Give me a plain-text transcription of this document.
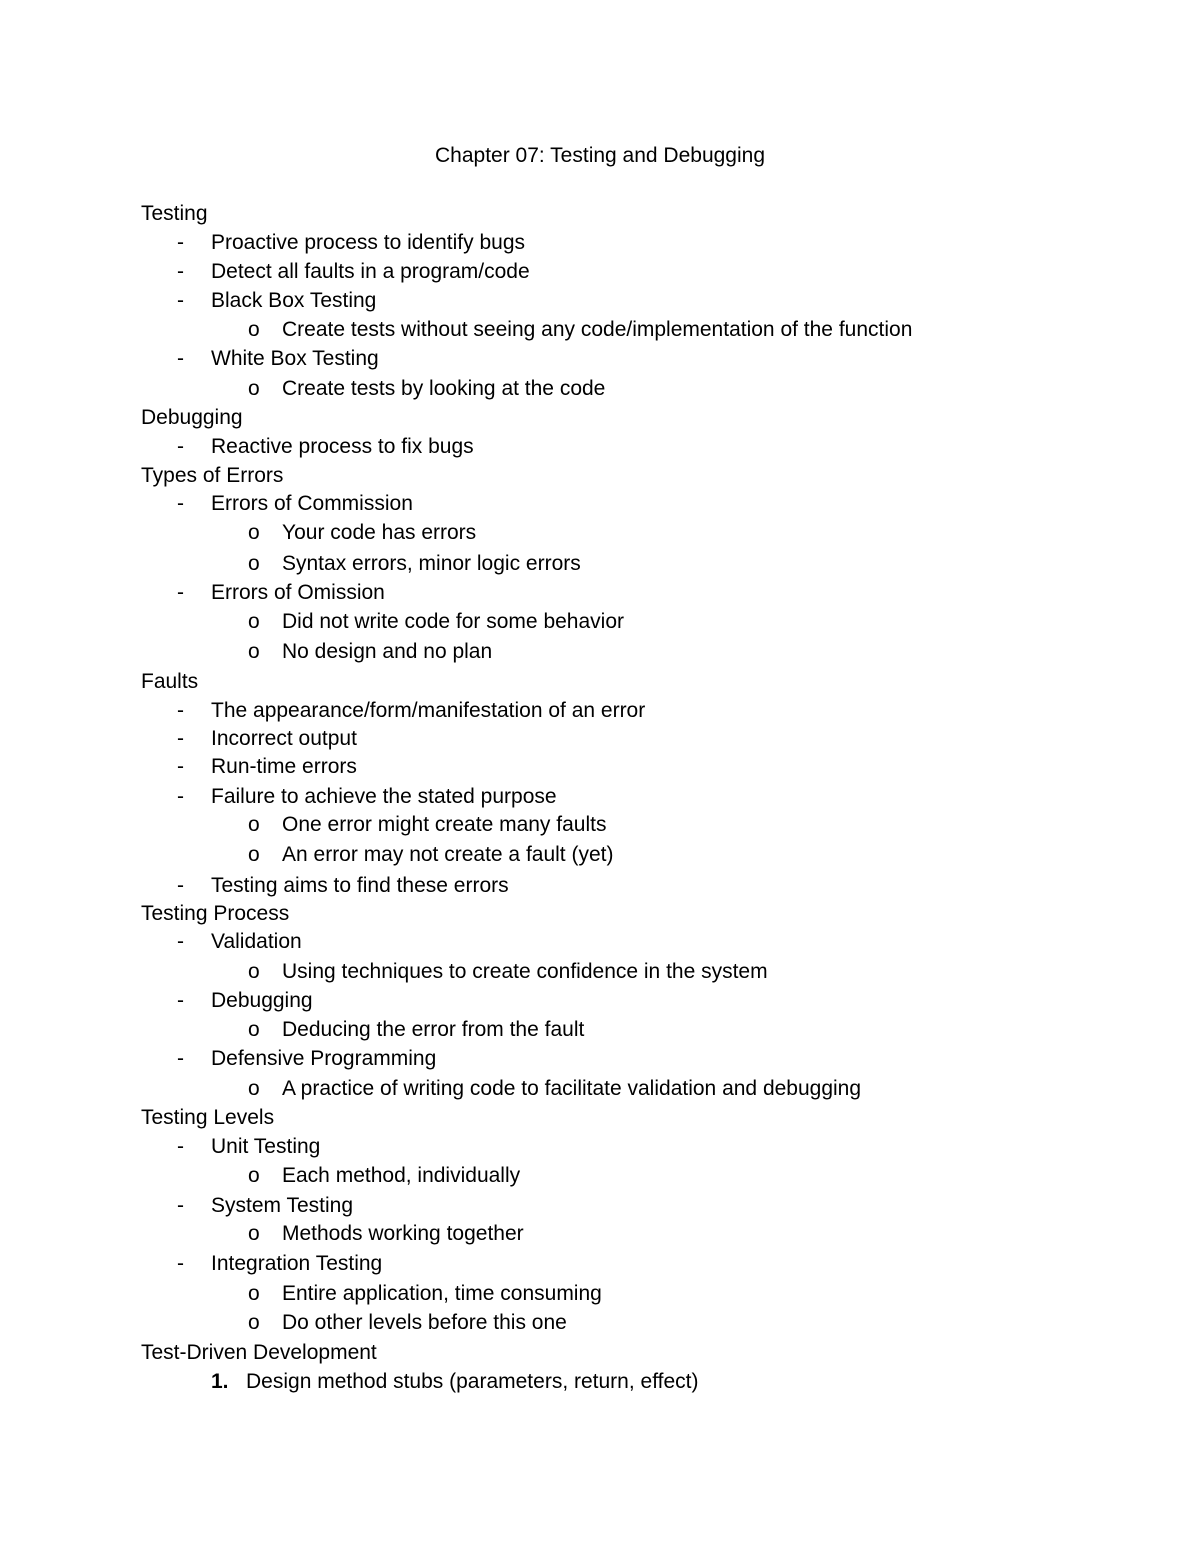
Chapter 07: Testing and Debugging
Testing
- Proactive process to identify bugs
- Detect all faults in a program/code
- Black Box Testing
o Create tests without seeing any code/implementation of the function
- White Box Testing
o Create tests by looking at the code
Debugging
- Reactive process to fix bugs
Types of Errors
- Errors of Commission
o Your code has errors
o Syntax errors, minor logic errors
- Errors of Omission
o Did not write code for some behavior
o No design and no plan
Faults
- The appearance/form/manifestation of an error
- Incorrect output
- Run-time errors
- Failure to achieve the stated purpose
o One error might create many faults
o An error may not create a fault (yet)
- Testing aims to find these errors
Testing Process
- Validation
o Using techniques to create confidence in the system
- Debugging
o Deducing the error from the fault
- Defensive Programming
o A practice of writing code to facilitate validation and debugging
Testing Levels
- Unit Testing
o Each method, individually
- System Testing
o Methods working together
- Integration Testing
o Entire application, time consuming
o Do other levels before this one
Test-Driven Development
1. Design method stubs (parameters, return, effect)
